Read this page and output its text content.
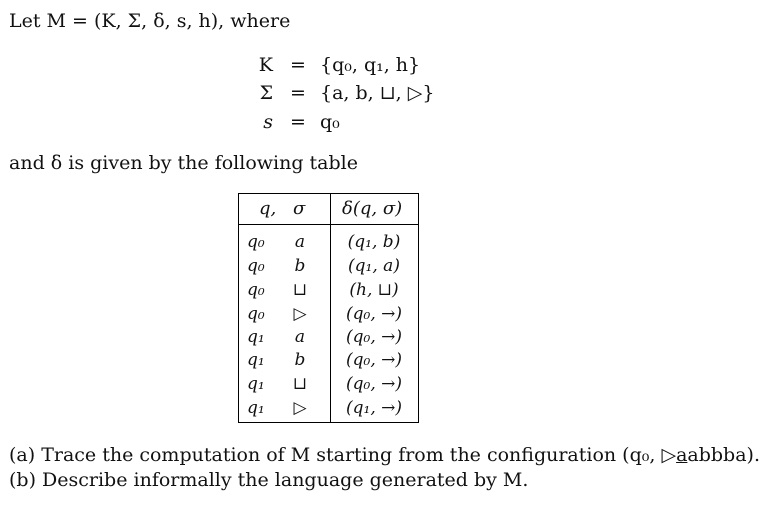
Let M = (K, Σ, δ, s, h), where
K = {q₀, q₁, h}
Σ = {a, b, ⊔, ▷}
s = q₀
and δ is given by the following table
q, σ δ(q, σ)
q₀ a	(q₁, b)
q₀ b	(q₁, a)
q₀ ⊔	(h, ⊔)
q₀ ▷	(q₀, →)
q₁ a	(q₀, →)
q₁ b	(q₀, →)
q₁ ⊔	(q₀, →)
q₁ ▷	(q₁, →)
(a) Trace the computation of M starting from the configuration (q₀, ▷aabbba).
(b) Describe informally the language generated by M.
